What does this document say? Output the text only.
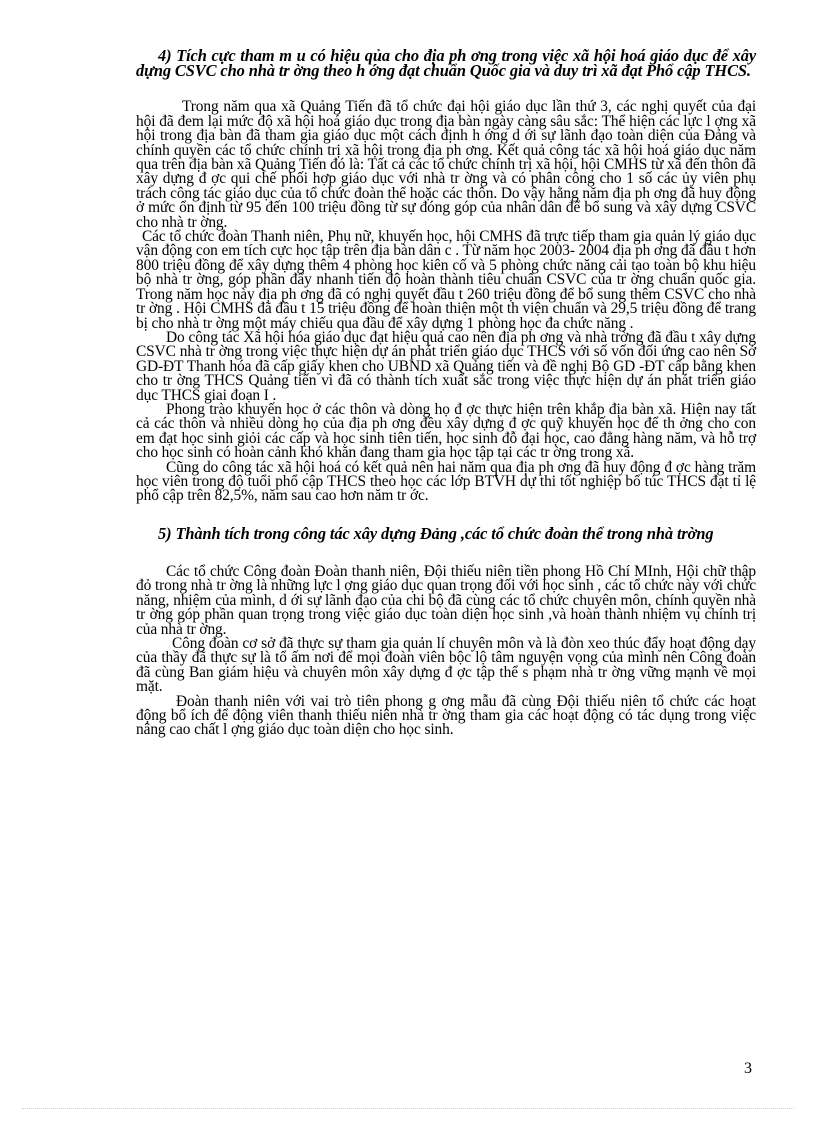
4) Tích cực tham m u có hiệu qủa cho địa ph ơng trong việc xã hội hoá giáo dục để xây dựng CSVC cho nhà tr ờng theo h ớng đạt chuẩn Quốc gia và duy trì xã đạt Phổ cập THCS.

Trong năm qua xã Quảng Tiến đã tổ chức đại hội giáo dục lần thứ 3, các nghị quyết của đại hội đã đem lại mức độ xã hội hoá giáo dục trong địa bàn ngày càng sâu sắc: Thể hiện các lực l ợng xã hội trong địa bàn đã tham gia giáo dục một cách định h ớng d ới sự lãnh đạo toàn diện của Đảng và chính quyền các tổ chức chính trị xã hội trong địa ph ơng. Kết quả công tác xã hội hoá giáo dục năm qua trên địa bàn xã Quảng Tiến đó là: Tất cả các tổ chức chính trị xã hội, hội CMHS từ xã đến thôn đã xây dựng đ ợc qui chế phối hợp giáo dục với nhà tr ờng và có phân công cho 1 số các ủy viên phụ trách công tác giáo dục của tổ chức đoàn thể hoặc các thôn. Do vậy hằng năm địa ph ơng đã huy động ở mức ổn định từ 95 đến 100 triệu đồng từ sự đóng góp của nhân dân để bổ sung và xây dựng CSVC cho nhà tr ờng.

Các tổ chức đoàn Thanh niên, Phụ nữ, khuyến học, hội CMHS đã trực tiếp tham gia quản lý giáo dục vận động con em tích cực học tập trên địa bàn dân c . Từ năm học 2003- 2004 địa ph ơng đã đầu t hơn 800 triệu đồng để xây dựng thêm 4 phòng học kiên cố và 5 phòng chức năng cải tạo toàn bộ khu hiệu bộ nhà tr ờng, góp phần đẩy nhanh tiến độ hoàn thành tiêu chuẩn CSVC của tr ờng chuẩn quốc gia. Trong năm học này địa ph ơng đã có nghị quyết đầu t 260 triệu đồng để bổ sung thêm CSVC cho nhà tr ờng . Hội CMHS đã đầu t 15 triệu đồng để hoàn thiện một th viện chuẩn và 29,5 triệu đồng để trang bị cho nhà tr ờng một máy chiếu qua đầu để xây dựng 1 phòng học đa chức năng .

Do công tác Xã hội hóa giáo dục đạt hiệu quả cao nên địa ph ơng và nhà trờng đã đầu t xây dựng CSVC nhà tr ờng trong việc thực hiện dự án phát triển giáo dục THCS với số vốn đối ứng cao nên Sở GD-ĐT Thanh hóa đã cấp giấy khen cho UBND xã Quảng tiến và đề nghị Bộ GD -ĐT cấp bằng khen cho tr ờng THCS Quảng tiến vì đã có thành tích xuất sắc trong việc thực hiện dự án phát triển giáo dục THCS giai đoạn I .

Phong trào khuyến học ở các thôn và dòng họ đ ợc thực hiện trên khắp địa bàn xã. Hiện nay tất cả các thôn và nhiều dòng họ của địa ph ơng đều xây dựng đ ợc quỹ khuyến học để th ởng cho con em đạt học sinh giỏi các cấp và học sinh tiên tiến, học sinh đỗ đại học, cao đẳng hàng năm, và hỗ trợ cho học sinh có hoàn cảnh khó khăn đang tham gia học tập tại các tr ờng trong xã.

Cũng do công tác xã hội hoá có kết quả nên hai năm qua địa ph ơng đã huy động đ ợc hàng trăm học viên trong độ tuổi phổ cập THCS theo học các lớp BTVH dự thi tốt nghiệp bổ túc THCS đạt tỉ lệ phổ cập trên 82,5%, năm sau cao hơn năm tr ớc.

5) Thành tích trong công tác xây dựng Đảng ,các tổ chức đoàn thể trong nhà trờng

Các tổ chức Công đoàn Đoàn thanh niên, Đội thiếu niên tiền phong Hồ Chí MInh, Hội chữ thập đỏ trong nhà tr ờng là những lực l ợng giáo dục quan trọng đối với học sinh , các tổ chức này với chức năng, nhiệm của mình, d ới sự lãnh đạo của chi bộ đã cùng các tổ chức chuyên môn, chính quyền nhà tr ờng góp phần quan trọng trong việc giáo dục toàn diện học sinh ,và hoàn thành nhiệm vụ chính trị của nhà tr ờng.

Công đoàn cơ sở đã thực sự tham gia quản lí chuyên môn và là đòn xeo thúc đẩy hoạt động dạy của thầy đã thực sự là tổ ấm nơi để mọi đoàn viên bộc lộ tâm nguyện vọng của mình nên Công đoàn đã cùng Ban giám hiệu và chuyên môn xây dựng đ ợc tập thể s phạm nhà tr ờng vững mạnh về mọi mặt.

Đoàn thanh niên với vai trò tiên phong g ơng mẫu đã cùng Đội thiếu niên tổ chức các hoạt động bổ ích để động viên thanh thiếu niên nhà tr ờng tham gia các hoạt động có tác dụng trong việc nâng cao chất l ợng giáo dục toàn diện cho học sinh.

3
